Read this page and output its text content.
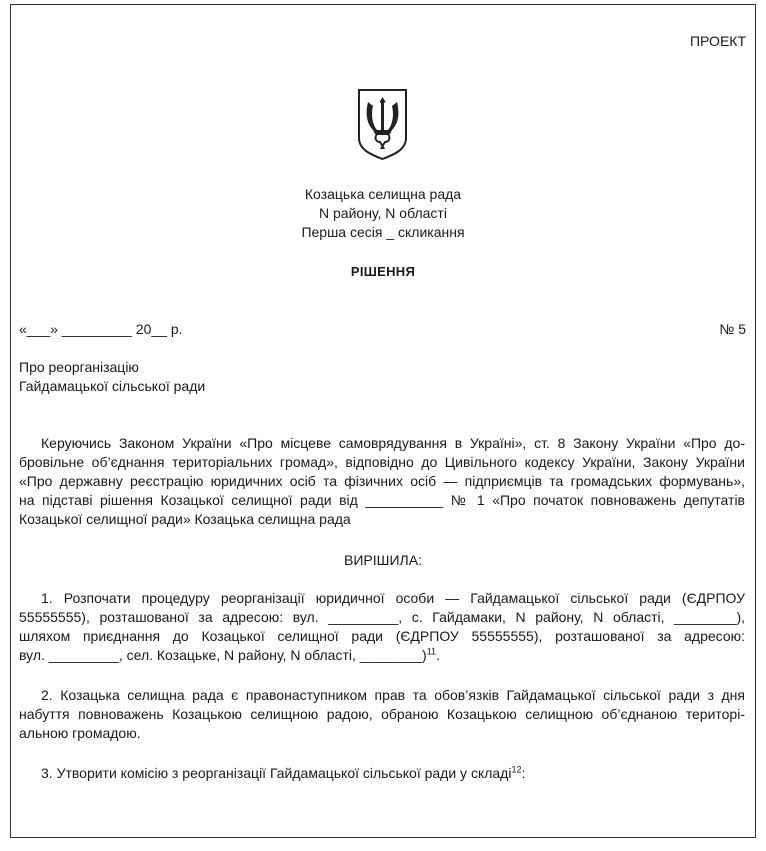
ПРОЕКТ
Козацька селищна рада
N району, N області
Перша сесія _ скликання
РІШЕННЯ
«___» _________ 20__ р.	№ 5
Про реорганізацію
Гайдамацької сільської ради
Керуючись Законом України «Про місцеве самоврядування в Україні», ст. 8 Закону України «Про до-
бровільне об’єднання територіальних громад», відповідно до Цивільного кодексу України, Закону України
«Про державну реєстрацію юридичних осіб та фізичних осіб — підприємців та громадських формувань»,
на підставі рішення Козацької селищної ради від __________ № 1 «Про початок повноважень депутатів
Козацької селищної ради» Козацька селищна рада
ВИРІШИЛА:
1. Розпочати процедуру реорганізації юридичної особи — Гайдамацької сільської ради (ЄДРПОУ
55555555), розташованої за адресою: вул. _________, с. Гайдамаки, N району, N області, ________),
шляхом приєднання до Козацької селищної ради (ЄДРПОУ 55555555), розташованої за адресою:
вул. _________, сел. Козацьке, N району, N області, ________)$^{11}$.
2. Козацька селищна рада є правонаступником прав та обов’язків Гайдамацької сільської ради з дня
набуття повноважень Козацькою селищною радою, обраною Козацькою селищною об’єднаною територі-
альною громадою.
3. Утворити комісію з реорганізації Гайдамацької сільської ради у складі$^{12}$:
